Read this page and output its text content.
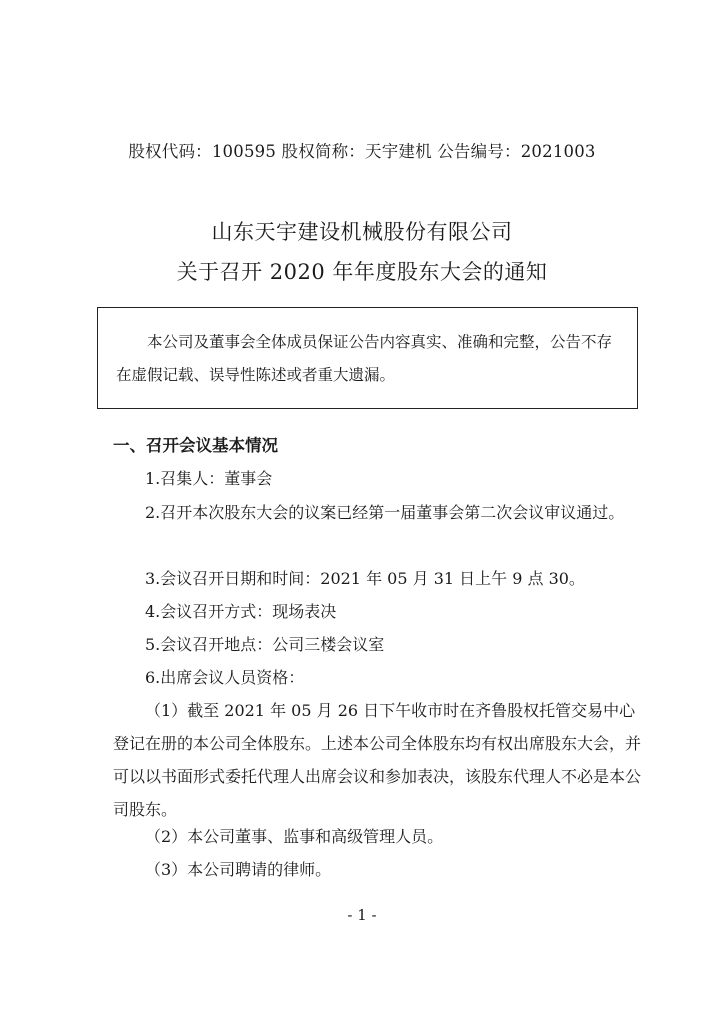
股权代码：100595 股权简称：天宇建机 公告编号：2021003
山东天宇建设机械股份有限公司
关于召开 2020 年年度股东大会的通知
本公司及董事会全体成员保证公告内容真实、准确和完整，公告不存在虚假记载、误导性陈述或者重大遗漏。
一、召开会议基本情况
1.召集人：董事会
2.召开本次股东大会的议案已经第一届董事会第二次会议审议通过。
3.会议召开日期和时间：2021 年 05 月 31 日上午 9 点 30。
4.会议召开方式：现场表决
5.会议召开地点：公司三楼会议室
6.出席会议人员资格：
（1）截至 2021 年 05 月 26 日下午收市时在齐鲁股权托管交易中心登记在册的本公司全体股东。上述本公司全体股东均有权出席股东大会，并可以以书面形式委托代理人出席会议和参加表决，该股东代理人不必是本公司股东。
（2）本公司董事、监事和高级管理人员。
（3）本公司聘请的律师。
- 1 -
